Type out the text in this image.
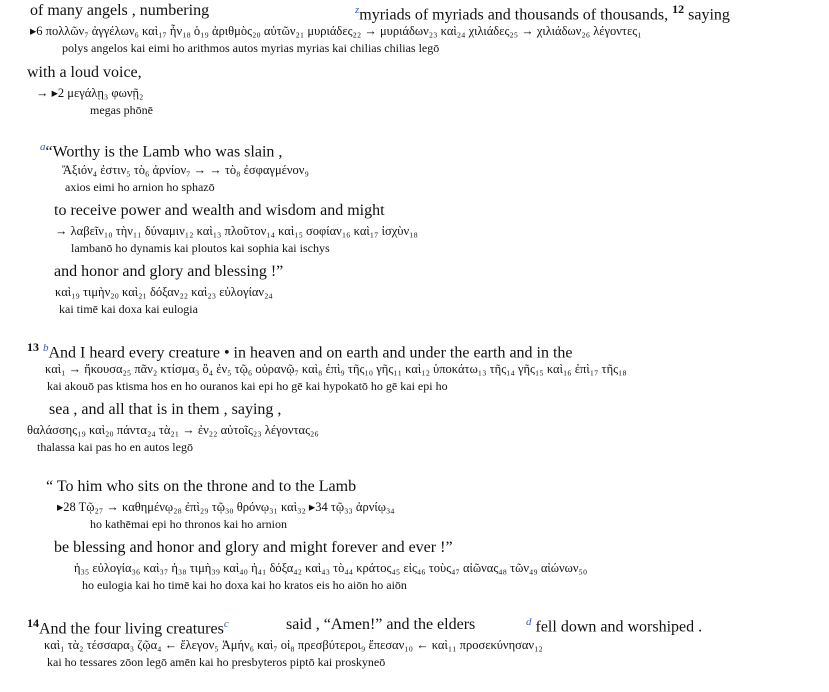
of many angels , numbering	$^z$myriads of myriads and thousands of thousands, $^{12}$ saying
▸6 πολλῶν₇ ἀγγέλων₆ καὶ₁₇ ἦν₁₈ ὁ₁₉ ἀριθμὸς₂₀ αὐτῶν₂₁ μυριάδες₂₂ → μυριάδων₂₃ καὶ₂₄ χιλιάδες₂₅ → χιλιάδων₂₆ λέγοντες₁
polys angelos kai eimi ho arithmos autos myrias myrias kai chilias chilias legō
with a loud voice,
→ ▸2 μεγάλῃ₃ φωνῇ₂
megas phōnē
$^a$“Worthy is the Lamb who was slain ,
Ἄξιόν₄ ἐστιν₅ τὸ₆ ἀρνίον₇ → → τὸ₈ ἐσφαγμένον₉
axios eimi ho arnion ho sphazō
to receive power and wealth and wisdom and might
→ λαβεῖν₁₀ τὴν₁₁ δύναμιν₁₂ καὶ₁₃ πλοῦτον₁₄ καὶ₁₅ σοφίαν₁₆ καὶ₁₇ ἰσχὺν₁₈
lambanō ho dynamis kai ploutos kai sophia kai ischys
and honor and glory and blessing !”
καὶ₁₉ τιμὴν₂₀ καὶ₂₁ δόξαν₂₂ καὶ₂₃ εὐλογίαν₂₄
kai timē kai doxa kai eulogia
$^{13}$ $^b$And I heard every creature • in heaven and on earth and under the earth and in the
καὶ₁ → ἤκουσα₂₅ πᾶν₂ κτίσμα₃ ὃ₄ ἐν₅ τῷ₆ οὐρανῷ₇ καὶ₈ ἐπὶ₉ τῆς₁₀ γῆς₁₁ καὶ₁₂ ὑποκάτω₁₃ τῆς₁₄ γῆς₁₅ καὶ₁₆ ἐπὶ₁₇ τῆς₁₈
kai akouō pas ktisma hos en ho ouranos kai epi ho gē kai hypokatō ho gē kai epi ho
sea , and all that is in them , saying ,
θαλάσσης₁₉ καὶ₂₀ πάντα₂₄ τὰ₂₁ → ἐν₂₂ αὐτοῖς₂₃ λέγοντας₂₆
thalassa kai pas ho en autos legō
“ To him who sits on the throne and to the Lamb
▸28 Τῷ₂₇ → καθημένῳ₂₈ ἐπὶ₂₉ τῷ₃₀ θρόνῳ₃₁ καὶ₃₂ ▸34 τῷ₃₃ ἀρνίῳ₃₄
ho kathēmai epi ho thronos kai ho arnion
be blessing and honor and glory and might forever and ever !”
ἡ₃₅ εὐλογία₃₆ καὶ₃₇ ἡ₃₈ τιμὴ₃₉ καὶ₄₀ ἡ₄₁ δόξα₄₂ καὶ₄₃ τὸ₄₄ κράτος₄₅ εἰς₄₆ τοὺς₄₇ αἰῶνας₄₈ τῶν₄₉ αἰώνων₅₀
ho eulogia kai ho timē kai ho doxa kai ho kratos eis ho aiōn ho aiōn
$^{14}$And the four living creatures$^c$	said , “Amen!” and the elders	$^d$ fell down and worshiped .
καὶ₁ τὰ₂ τέσσαρα₃ ζῷα₄ ← ἔλεγον₅ Ἀμήν₆ καὶ₇ οἱ₈ πρεσβύτεροι₉ ἔπεσαν₁₀ ← καὶ₁₁ προσεκύνησαν₁₂
kai ho tessares zōon legō amēn kai ho presbyteros piptō kai proskyneō
